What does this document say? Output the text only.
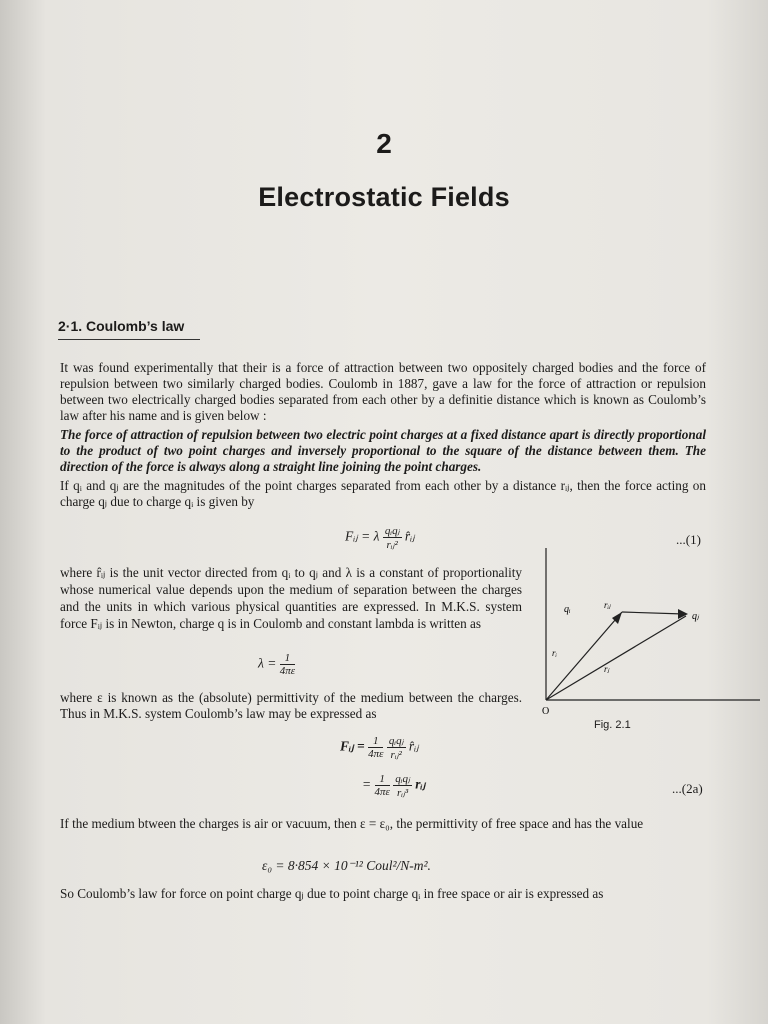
2
Electrostatic Fields
2·1. Coulomb’s law
It was found experimentally that their is a force of attraction between two oppositely charged bodies and the force of repulsion between two similarly charged bodies. Coulomb in 1887, gave a law for the force of attraction or repulsion between two electrically charged bodies separated from each other by a definitie distance which is known as Coulomb’s law after his name and is given below :
The force of attraction of repulsion between two electric point charges at a fixed distance apart is directly proportional to the product of two point charges and inversely proportional to the square of the distance between them. The direction of the force is always along a straight line joining the point charges.
If qᵢ and qⱼ are the magnitudes of the point charges separated from each other by a distance rᵢⱼ, then the force acting on charge qⱼ due to charge qᵢ is given by
Fᵢⱼ = λ $\frac{\text{qᵢqⱼ}}{\text{rᵢⱼ²}}$ r̂ᵢⱼ	...(1)
where r̂ᵢⱼ is the unit vector directed from qᵢ to qⱼ and λ is a constant of proportionality whose numerical value depends upon the medium of separation between the charges and the units in which various physical quantities are expressed. In M.K.S. system force Fᵢⱼ is in Newton, charge q is in Coulomb and constant lambda is written as
$\lambda = \frac{1}{4\pi\varepsilon}$
where ε is known as the (absolute) permittivity of the medium between the charges. Thus in M.K.S. system Coulomb’s law may be expressed as
Fᵢⱼ = $\frac{1}{4\pi\varepsilon}$
$\frac{\text{qᵢqⱼ}}{\text{rᵢⱼ²}}$ r̂ᵢⱼ
= $\frac{1}{4\pi\varepsilon}$
$\frac{\text{qᵢqⱼ}}{\text{rᵢⱼ³}}$ rᵢⱼ	...(2a)
If the medium btween the charges is air or vacuum, then ε = ε₀, the permittivity of free space and has the value
ε₀ = 8·854 × 10⁻¹² Coul²/N-m².
So Coulomb’s law for force on point charge qⱼ due to point charge qᵢ in free space or air is expressed as
O
qᵢ
qⱼ
rᵢⱼ
rᵢ
rⱼ
Fig. 2.1
